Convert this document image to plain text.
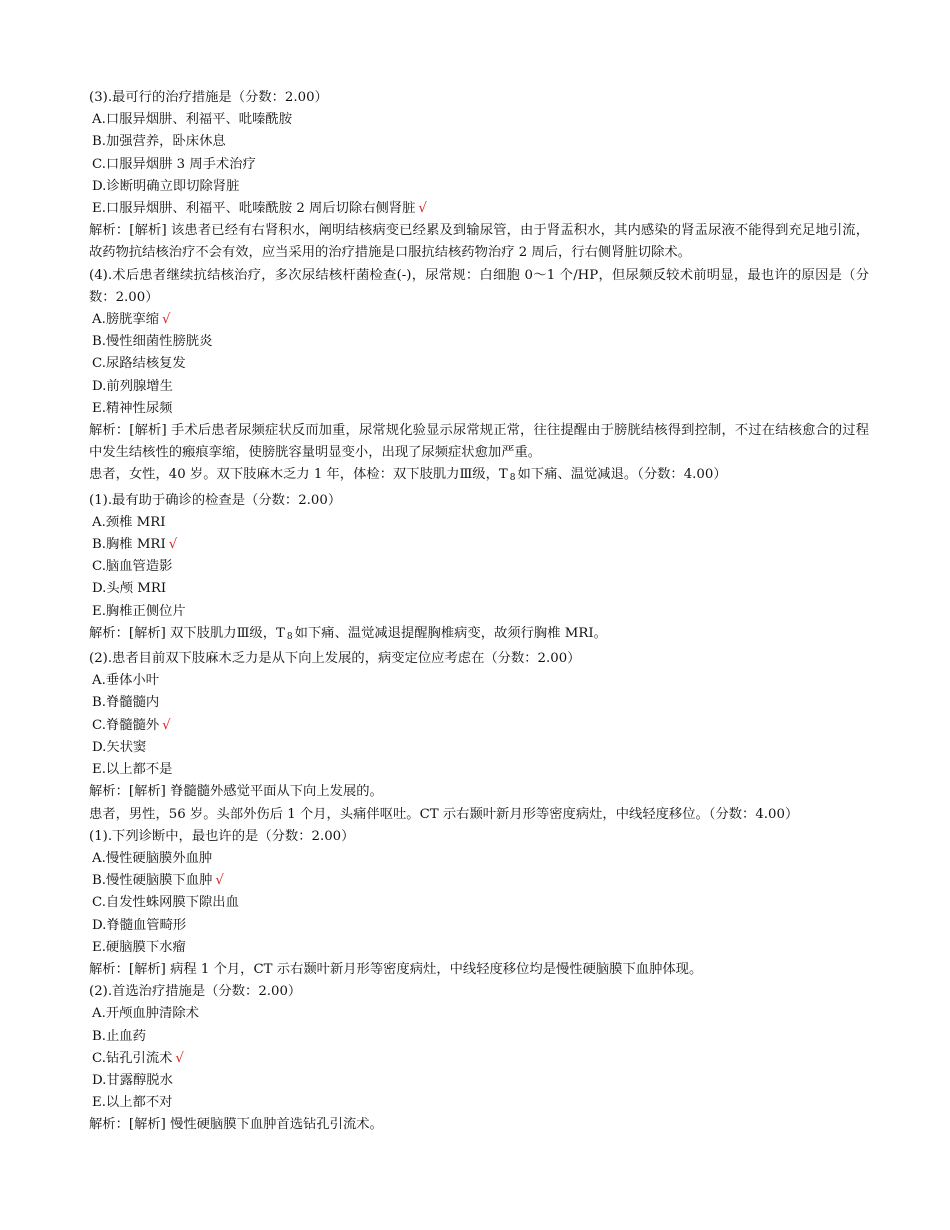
(3).最可行的治疗措施是（分数：2.00）
A.口服异烟肼、利福平、吡嗪酰胺
B.加强营养，卧床休息
C.口服异烟肼 3 周手术治疗
D.诊断明确立即切除肾脏
E.口服异烟肼、利福平、吡嗪酰胺 2 周后切除右侧肾脏 √
解析：[解析] 该患者已经有右肾积水，阐明结核病变已经累及到输尿管，由于肾盂积水，其内感染的肾盂尿液不能得到充足地引流，故药物抗结核治疗不会有效，应当采用的治疗措施是口服抗结核药物治疗 2 周后，行右侧肾脏切除术。
(4).术后患者继续抗结核治疗，多次尿结核杆菌检查(-)，尿常规：白细胞 0～1 个/HP，但尿频反较术前明显，最也许的原因是（分数：2.00）
A.膀胱挛缩 √
B.慢性细菌性膀胱炎
C.尿路结核复发
D.前列腺增生
E.精神性尿频
解析：[解析] 手术后患者尿频症状反而加重，尿常规化验显示尿常规正常，往往提醒由于膀胱结核得到控制，不过在结核愈合的过程中发生结核性的瘢痕挛缩，使膀胱容量明显变小，出现了尿频症状愈加严重。
患者，女性，40 岁。双下肢麻木乏力 1 年，体检：双下肢肌力Ⅲ级，T $_8$ 如下痛、温觉减退。（分数：4.00）
(1).最有助于确诊的检查是（分数：2.00）
A.颈椎 MRI
B.胸椎 MRI √
C.脑血管造影
D.头颅 MRI
E.胸椎正侧位片
解析：[解析] 双下肢肌力Ⅲ级，T $_8$ 如下痛、温觉减退提醒胸椎病变，故须行胸椎 MRI。
(2).患者目前双下肢麻木乏力是从下向上发展的，病变定位应考虑在（分数：2.00）
A.垂体小叶
B.脊髓髓内
C.脊髓髓外 √
D.矢状窦
E.以上都不是
解析：[解析] 脊髓髓外感觉平面从下向上发展的。
患者，男性，56 岁。头部外伤后 1 个月，头痛伴呕吐。CT 示右颞叶新月形等密度病灶，中线轻度移位。（分数：4.00）
(1).下列诊断中，最也许的是（分数：2.00）
A.慢性硬脑膜外血肿
B.慢性硬脑膜下血肿 √
C.自发性蛛网膜下隙出血
D.脊髓血管畸形
E.硬脑膜下水瘤
解析：[解析] 病程 1 个月，CT 示右颞叶新月形等密度病灶，中线轻度移位均是慢性硬脑膜下血肿体现。
(2).首选治疗措施是（分数：2.00）
A.开颅血肿清除术
B.止血药
C.钻孔引流术 √
D.甘露醇脱水
E.以上都不对
解析：[解析] 慢性硬脑膜下血肿首选钻孔引流术。
